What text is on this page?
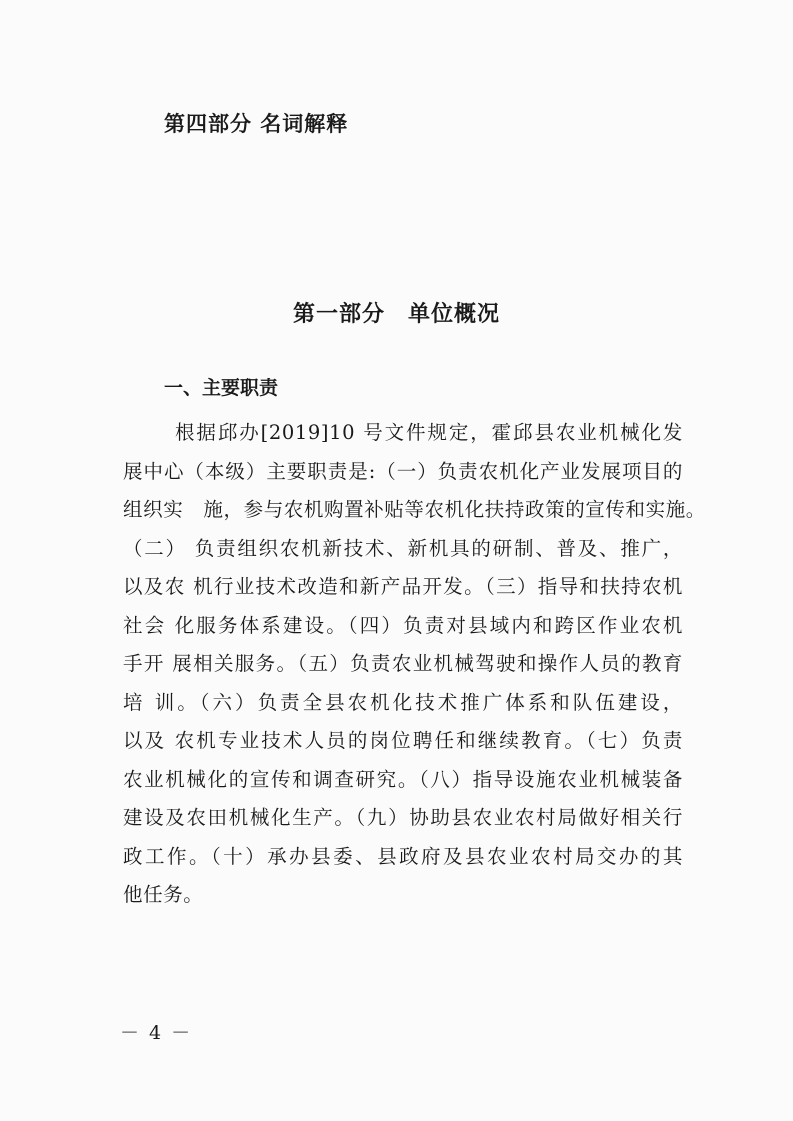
第四部分 名词解释
第一部分　单位概况
一、主要职责
根据邱办[2019]10 号文件规定，霍邱县农业机械化发
展中心（本级）主要职责是:（一）负责农机化产业发展项目的
组织实　施，参与农机购置补贴等农机化扶持政策的宣传和实施。
（二） 负责组织农机新技术、新机具的研制、普及、推广，
以及农 机行业技术改造和新产品开发。（三）指导和扶持农机
社会 化服务体系建设。（四）负责对县域内和跨区作业农机
手开 展相关服务。（五）负责农业机械驾驶和操作人员的教育
培 训。（六）负责全县农机化技术推广体系和队伍建设，
以及 农机专业技术人员的岗位聘任和继续教育。（七）负责
农业机械化的宣传和调查研究。（八）指导设施农业机械装备
建设及农田机械化生产。（九）协助县农业农村局做好相关行
政工作。（十）承办县委、县政府及县农业农村局交办的其
他任务。
－ 4 －
